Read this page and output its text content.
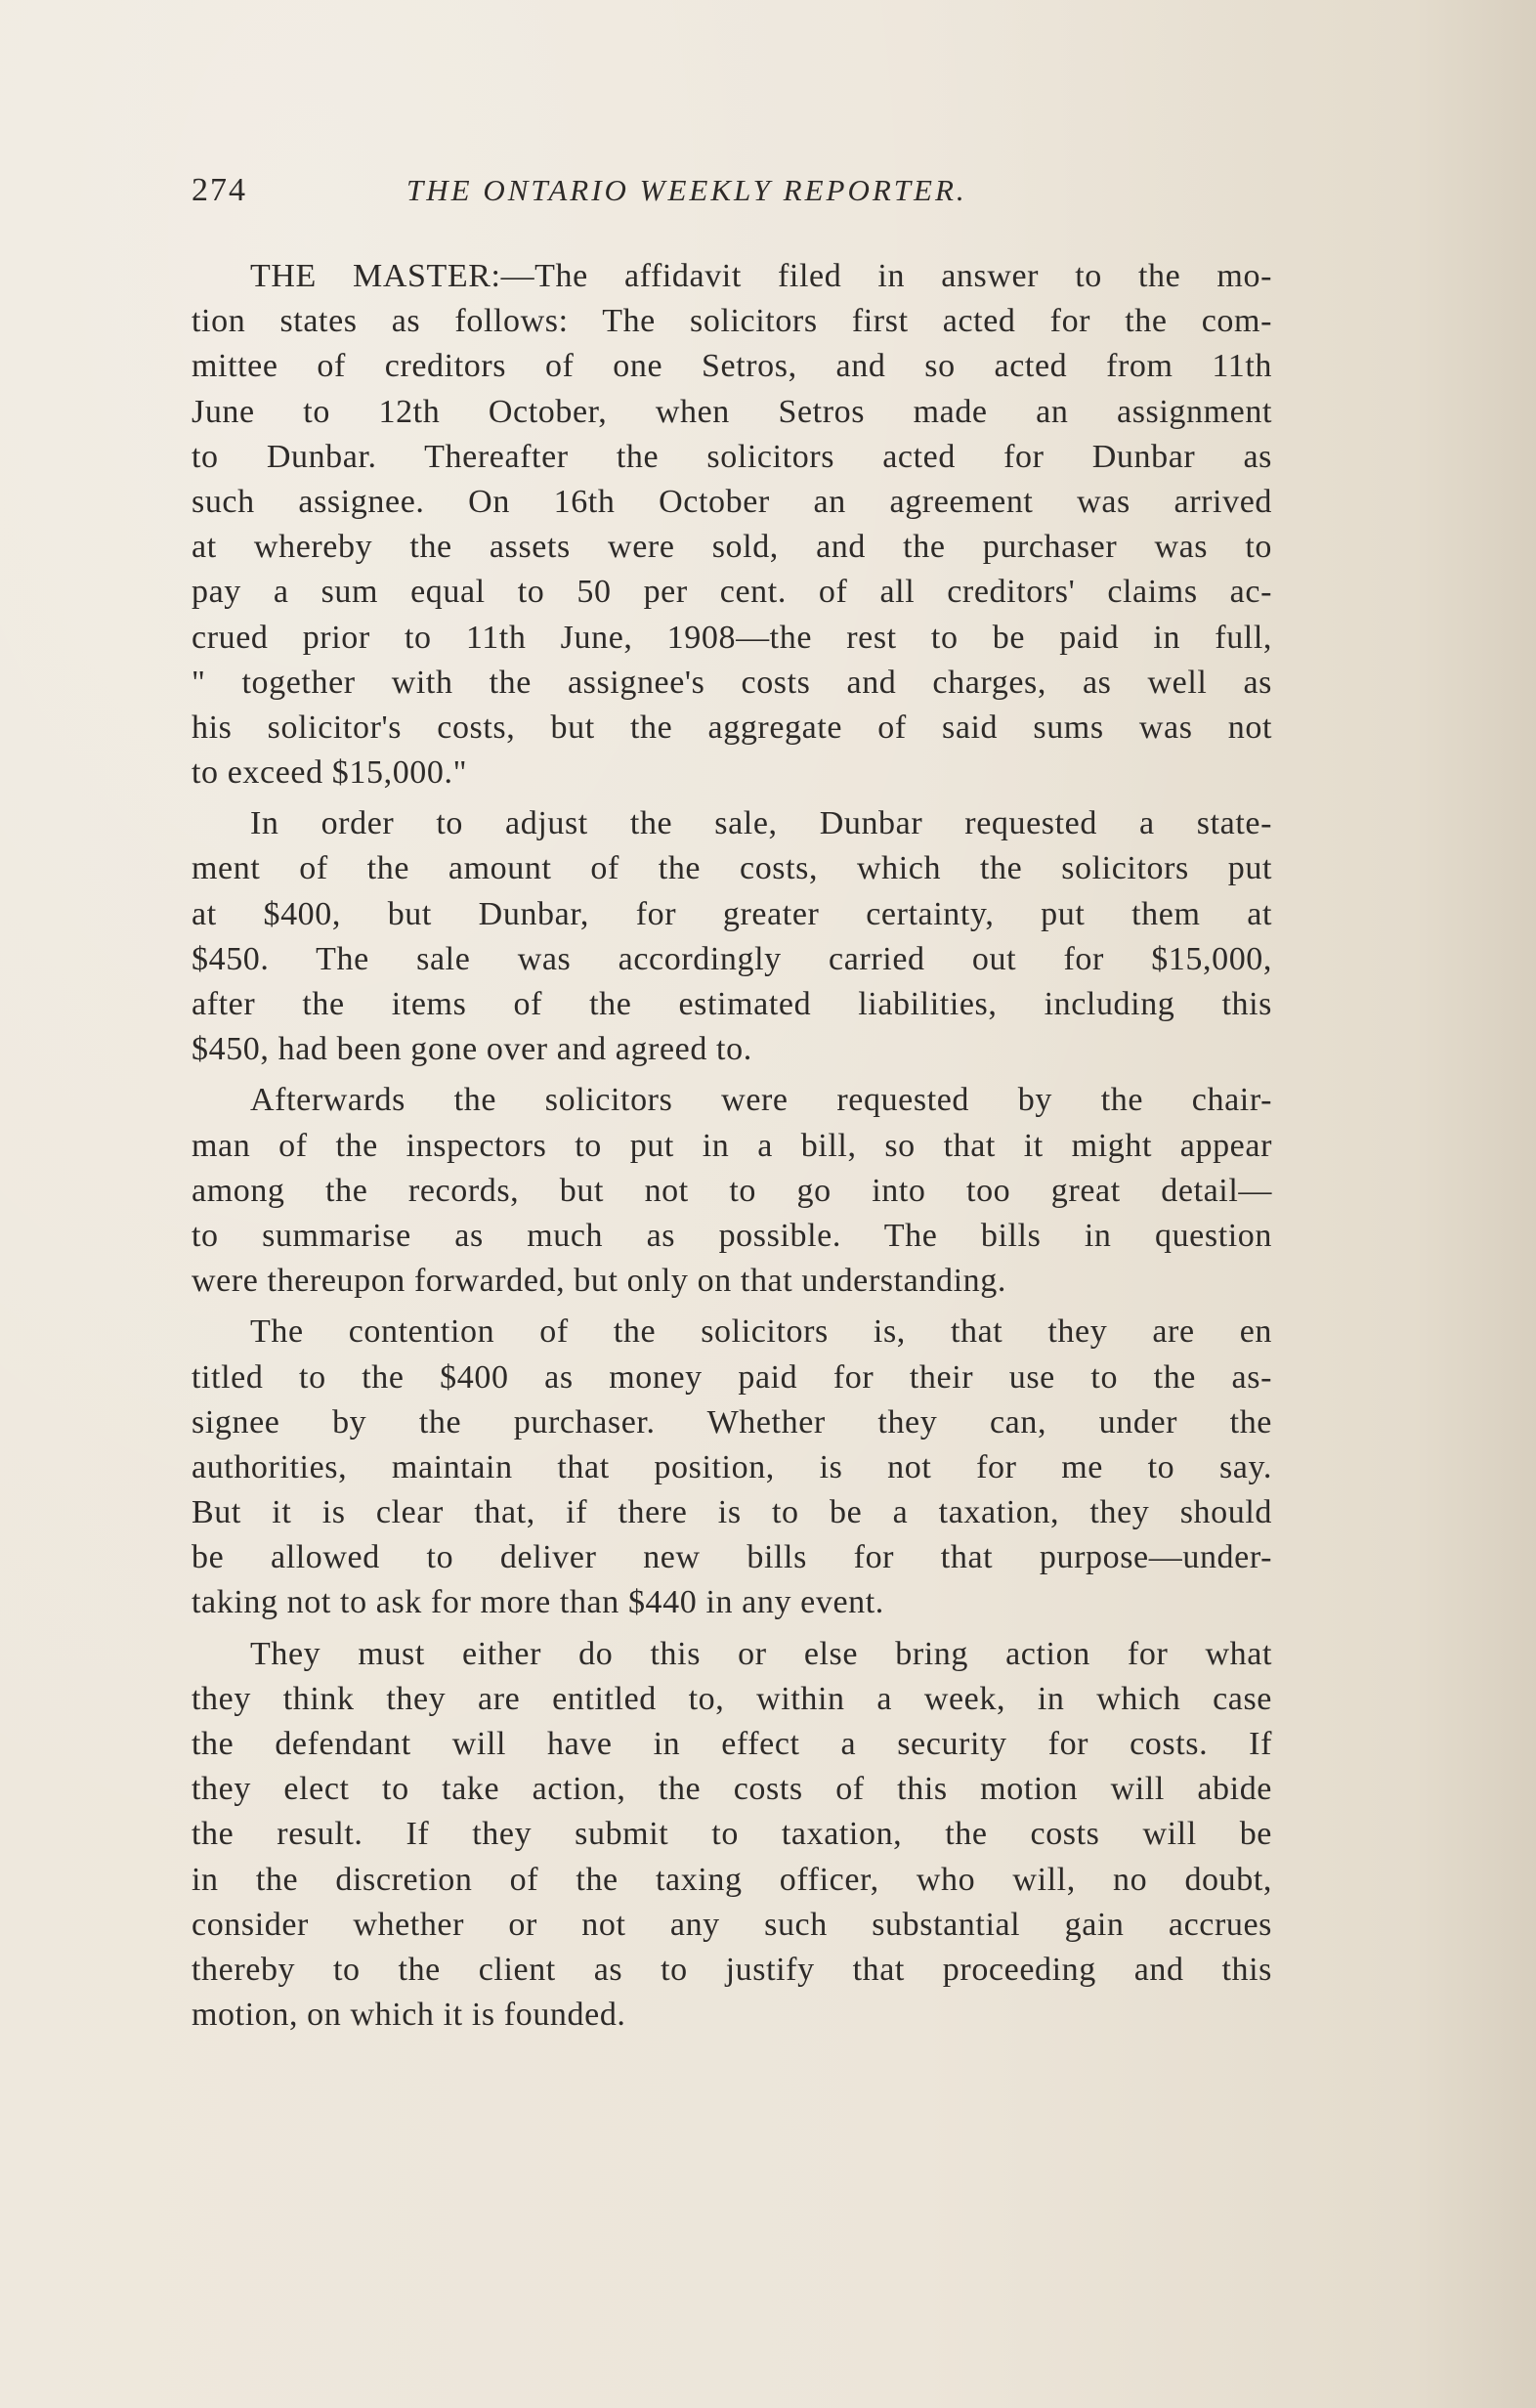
274	THE ONTARIO WEEKLY REPORTER.
THE MASTER:—The affidavit filed in answer to the mo-
tion states as follows: The solicitors first acted for the com-
mittee of creditors of one Setros, and so acted from 11th
June to 12th October, when Setros made an assignment
to Dunbar. Thereafter the solicitors acted for Dunbar as
such assignee. On 16th October an agreement was arrived
at whereby the assets were sold, and the purchaser was to
pay a sum equal to 50 per cent. of all creditors' claims ac-
crued prior to 11th June, 1908—the rest to be paid in full,
" together with the assignee's costs and charges, as well as
his solicitor's costs, but the aggregate of said sums was not
to exceed $15,000."
In order to adjust the sale, Dunbar requested a state-
ment of the amount of the costs, which the solicitors put
at $400, but Dunbar, for greater certainty, put them at
$450. The sale was accordingly carried out for $15,000,
after the items of the estimated liabilities, including this
$450, had been gone over and agreed to.
Afterwards the solicitors were requested by the chair-
man of the inspectors to put in a bill, so that it might appear
among the records, but not to go into too great detail—
to summarise as much as possible. The bills in question
were thereupon forwarded, but only on that understanding.
The contention of the solicitors is, that they are en
titled to the $400 as money paid for their use to the as-
signee by the purchaser. Whether they can, under the
authorities, maintain that position, is not for me to say.
But it is clear that, if there is to be a taxation, they should
be allowed to deliver new bills for that purpose—under-
taking not to ask for more than $440 in any event.
They must either do this or else bring action for what
they think they are entitled to, within a week, in which case
the defendant will have in effect a security for costs. If
they elect to take action, the costs of this motion will abide
the result. If they submit to taxation, the costs will be
in the discretion of the taxing officer, who will, no doubt,
consider whether or not any such substantial gain accrues
thereby to the client as to justify that proceeding and this
motion, on which it is founded.
